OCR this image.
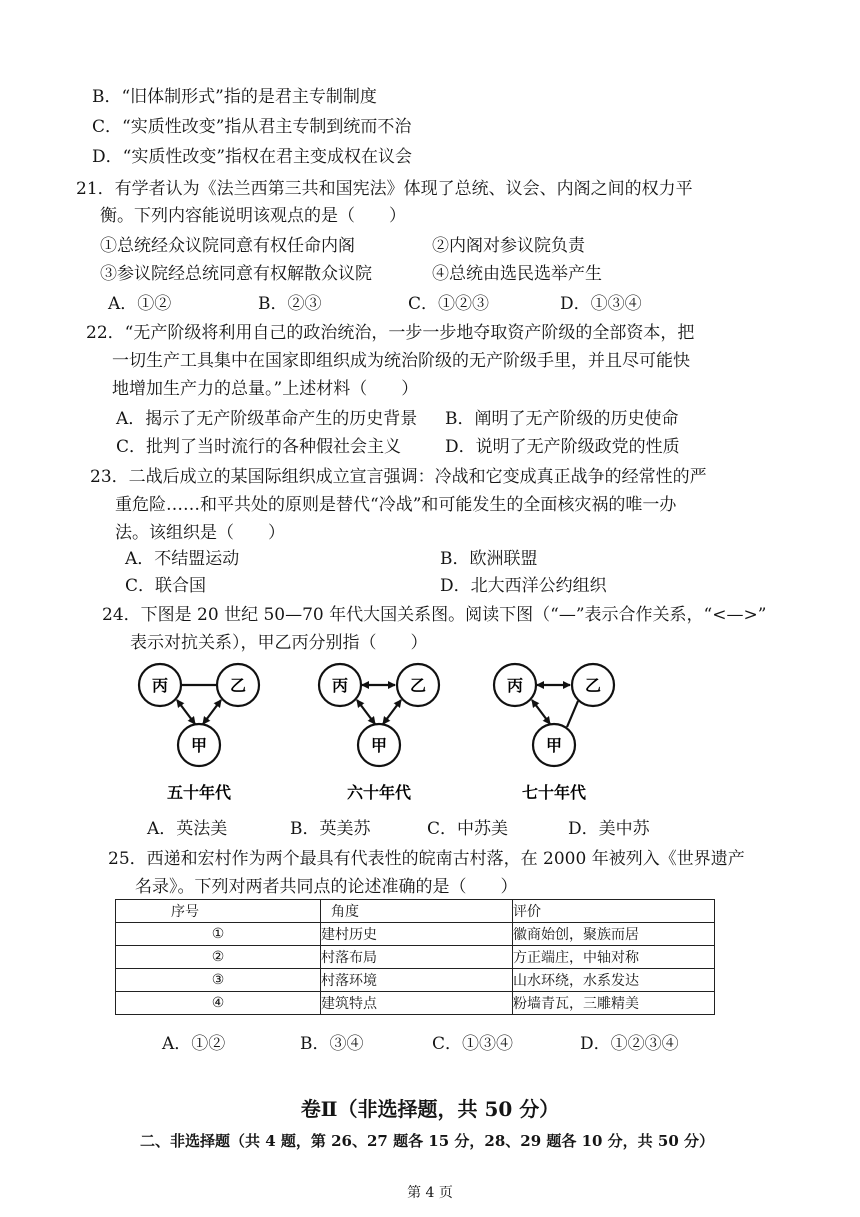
B．“旧体制形式”指的是君主专制制度
C．“实质性改变”指从君主专制到统而不治
D．“实质性改变”指权在君主变成权在议会
21．有学者认为《法兰西第三共和国宪法》体现了总统、议会、内阁之间的权力平
衡。下列内容能说明该观点的是（　　）
①总统经众议院同意有权任命内阁	②内阁对参议院负责
③参议院经总统同意有权解散众议院	④总统由选民选举产生
A．①②	B．②③	C．①②③	D．①③④
22．“无产阶级将利用自己的政治统治，一步一步地夺取资产阶级的全部资本，把
一切生产工具集中在国家即组织成为统治阶级的无产阶级手里，并且尽可能快
地增加生产力的总量。”上述材料（　　）
A．揭示了无产阶级革命产生的历史背景 B．阐明了无产阶级的历史使命
C．批判了当时流行的各种假社会主义	D．说明了无产阶级政党的性质
23．二战后成立的某国际组织成立宣言强调：冷战和它变成真正战争的经常性的严
重危险……和平共处的原则是替代“冷战”和可能发生的全面核灾祸的唯一办
法。该组织是（　　）
A．不结盟运动	B．欧洲联盟
C．联合国	D．北大西洋公约组织
24．下图是 20 世纪 50—70 年代大国关系图。阅读下图（“—”表示合作关系，“<—>”
表示对抗关系），甲乙丙分别指（　　）
丙	乙
甲
五十年代
丙	乙
甲
六十年代
丙	乙
甲
七十年代
A．英法美	B．英美苏	C．中苏美	D．美中苏
25．西递和宏村作为两个最具有代表性的皖南古村落，在 2000 年被列入《世界遗产
名录》。下列对两者共同点的论述准确的是（　　）
序号	角度	评价
①	建村历史	徽商始创，聚族而居
②	村落布局	方正端庄，中轴对称
③	村落环境	山水环绕，水系发达
④	建筑特点	粉墙青瓦，三雕精美
A．①②	B．③④	C．①③④	D．①②③④
卷Ⅱ（非选择题，共 50 分）
二、非选择题（共 4 题，第 26、27 题各 15 分，28、29 题各 10 分，共 50 分）
第 4 页
